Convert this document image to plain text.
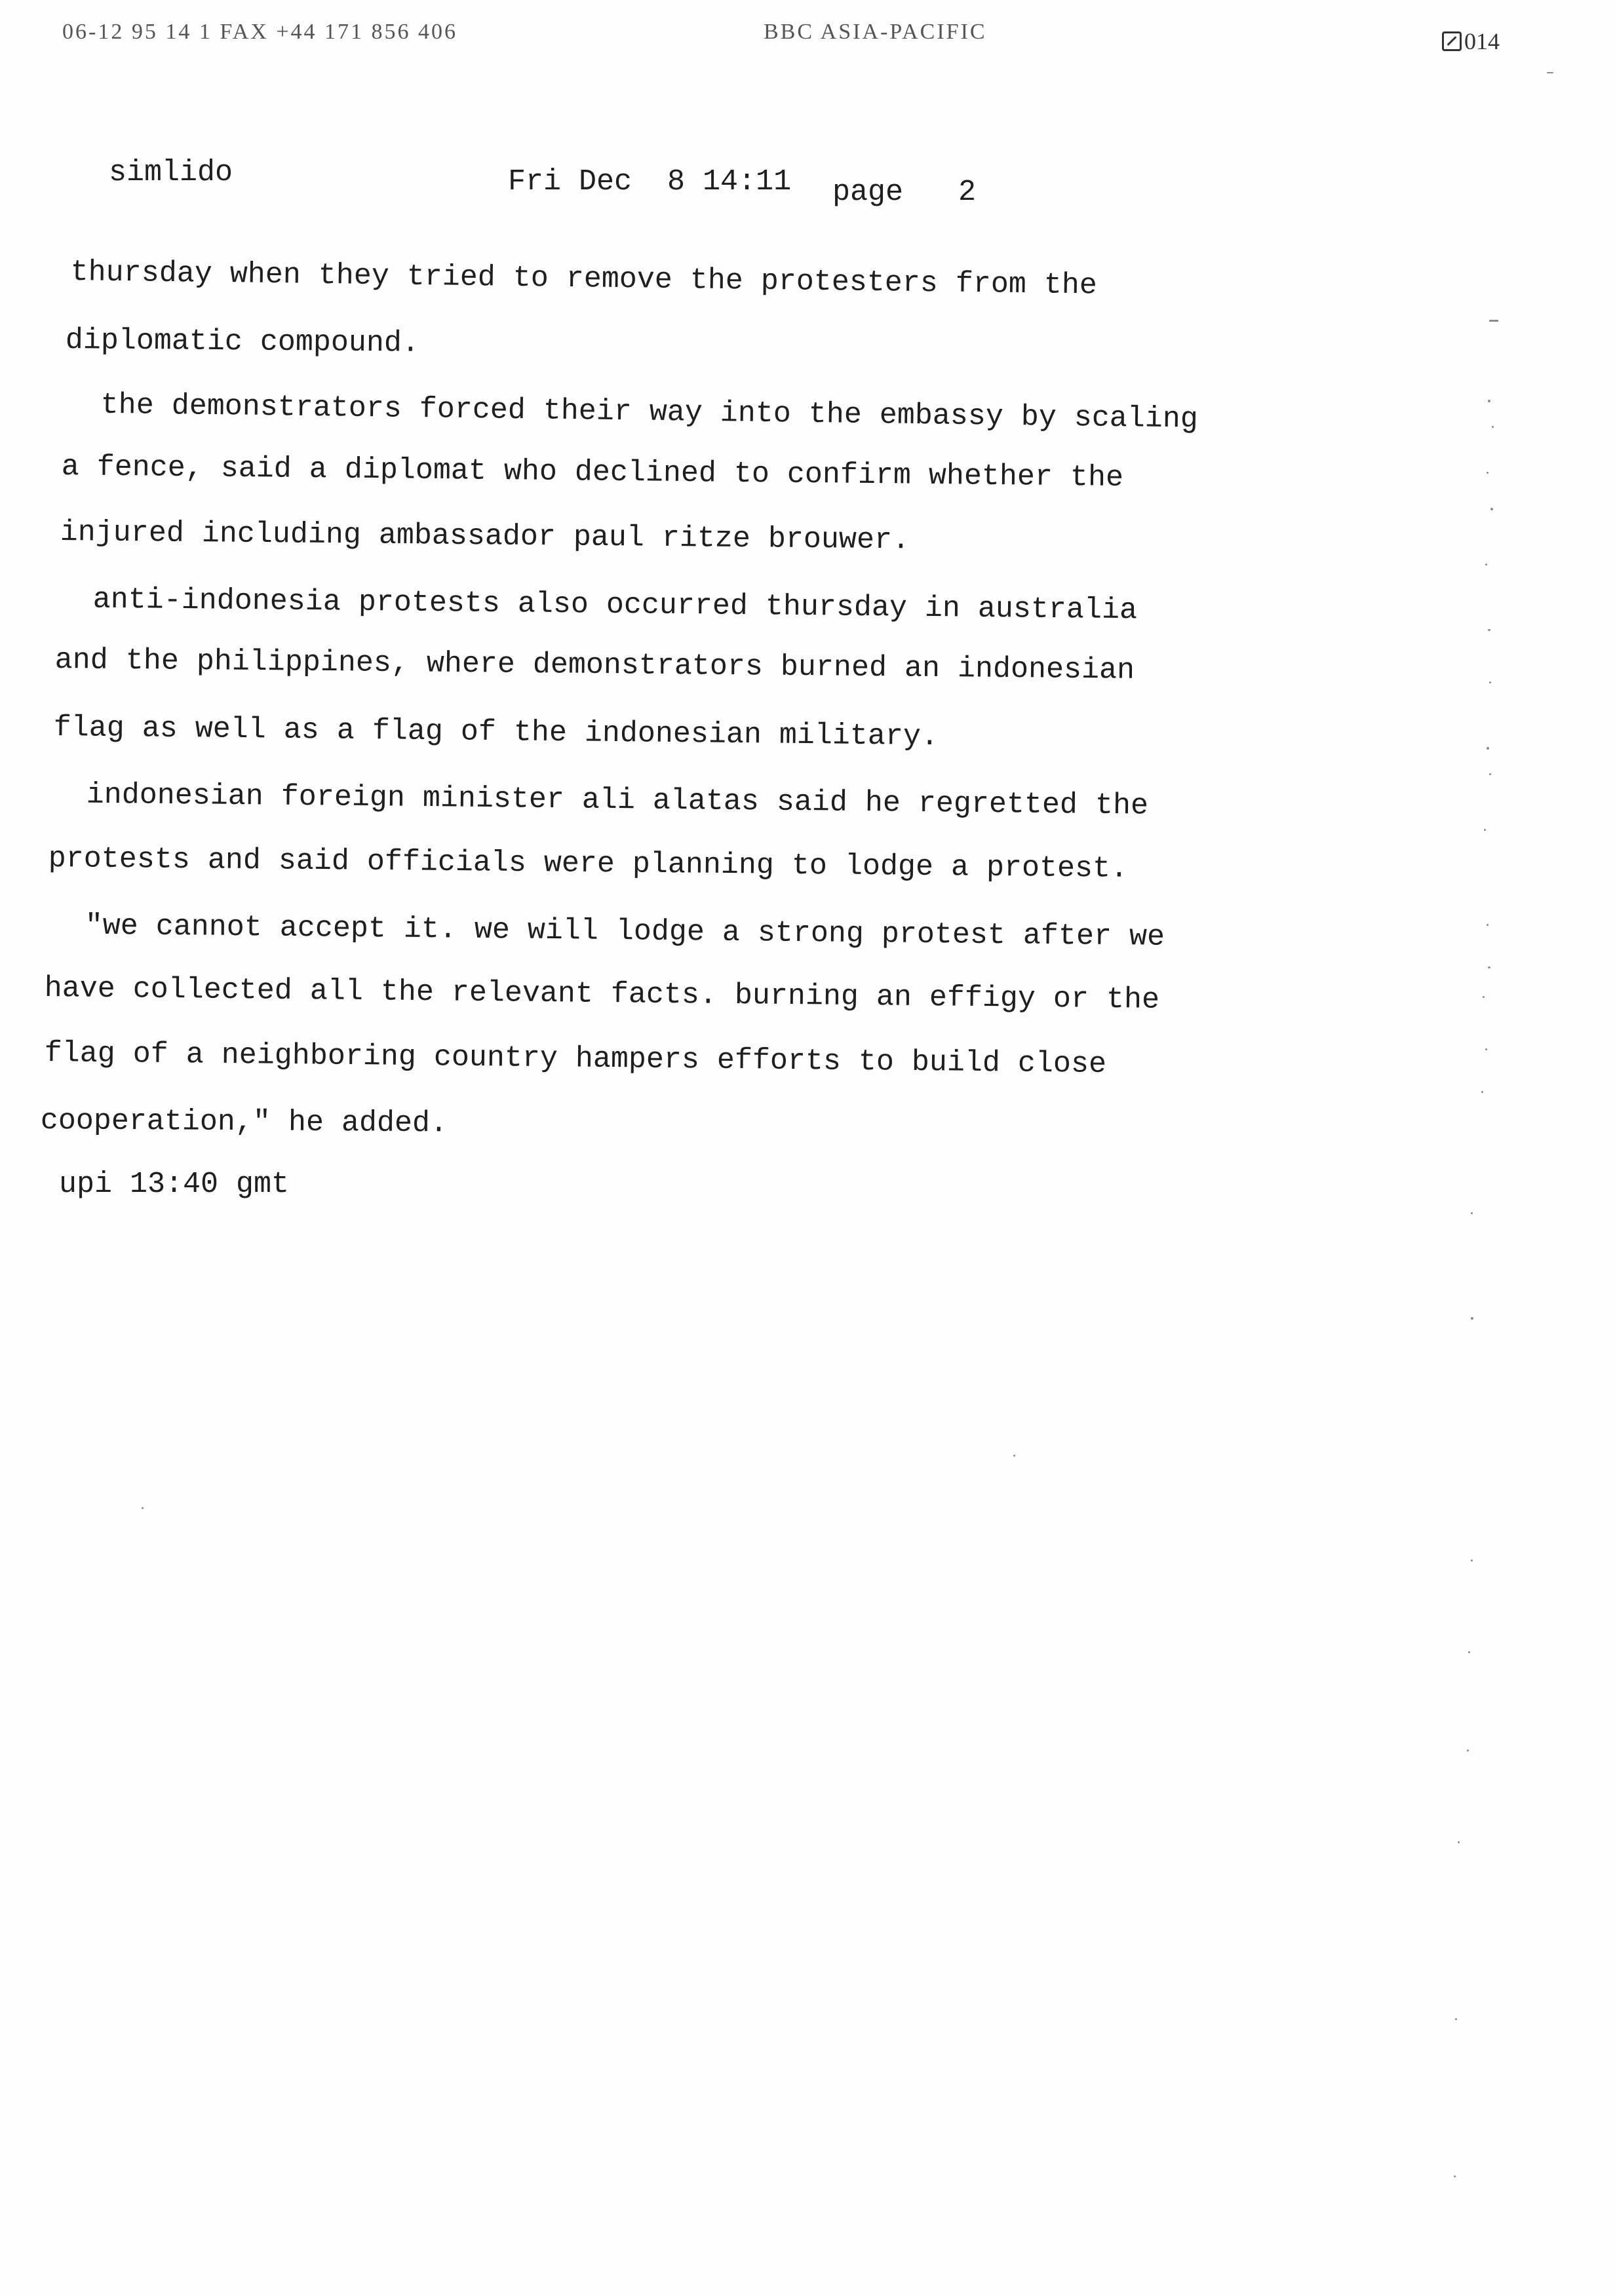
06-12 95 14 1 FAX +44 171 856 406	BBC ASIA-PACIFIC	014
simlido	Fri Dec  8 14:11 page 2
thursday when they tried to remove the protesters from the
diplomatic compound.
the demonstrators forced their way into the embassy by scaling
a fence, said a diplomat who declined to confirm whether the
injured including ambassador paul ritze brouwer.
anti-indonesia protests also occurred thursday in australia
and the philippines, where demonstrators burned an indonesian
flag as well as a flag of the indonesian military.
indonesian foreign minister ali alatas said he regretted the
protests and said officials were planning to lodge a protest.
"we cannot accept it. we will lodge a strong protest after we
have collected all the relevant facts. burning an effigy or the
flag of a neighboring country hampers efforts to build close
cooperation," he added.
upi 13:40 gmt
